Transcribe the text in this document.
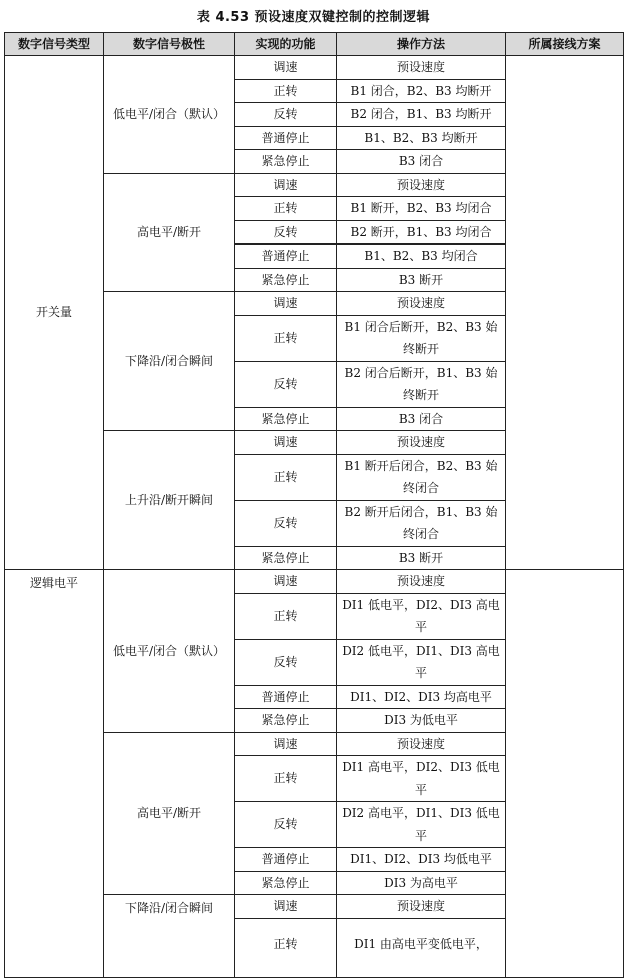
表 4.53 预设速度双键控制的控制逻辑
数字信号类型	数字信号极性	实现的功能	操作方法	所属接线方案
开关量	低电平/闭合（默认）	调速	预设速度	
		正转	B1 闭合，B2、B3 均断开	
		反转	B2 闭合，B1、B3 均断开	
		普通停止	B1、B2、B3 均断开	
		紧急停止	B3 闭合	
	高电平/断开	调速	预设速度	
		正转	B1 断开，B2、B3 均闭合	
		反转	B2 断开，B1、B3 均闭合	
		普通停止	B1、B2、B3 均闭合	
		紧急停止	B3 断开	
	下降沿/闭合瞬间	调速	预设速度	
		正转	B1 闭合后断开，B2、B3 始终断开	
		反转	B2 闭合后断开，B1、B3 始终断开	
		紧急停止	B3 闭合	
	上升沿/断开瞬间	调速	预设速度	
		正转	B1 断开后闭合，B2、B3 始终闭合	
		反转	B2 断开后闭合，B1、B3 始终闭合	
		紧急停止	B3 断开	
逻辑电平	低电平/闭合（默认）	调速	预设速度	
		正转	DI1 低电平，DI2、DI3 高电平	
		反转	DI2 低电平，DI1、DI3 高电平	
		普通停止	DI1、DI2、DI3 均高电平	
		紧急停止	DI3 为低电平	
	高电平/断开	调速	预设速度	
		正转	DI1 高电平，DI2、DI3 低电平	
		反转	DI2 高电平，DI1、DI3 低电平	
		普通停止	DI1、DI2、DI3 均低电平	
		紧急停止	DI3 为高电平	
	下降沿/闭合瞬间	调速	预设速度	
		正转	DI1 由高电平变低电平，	
